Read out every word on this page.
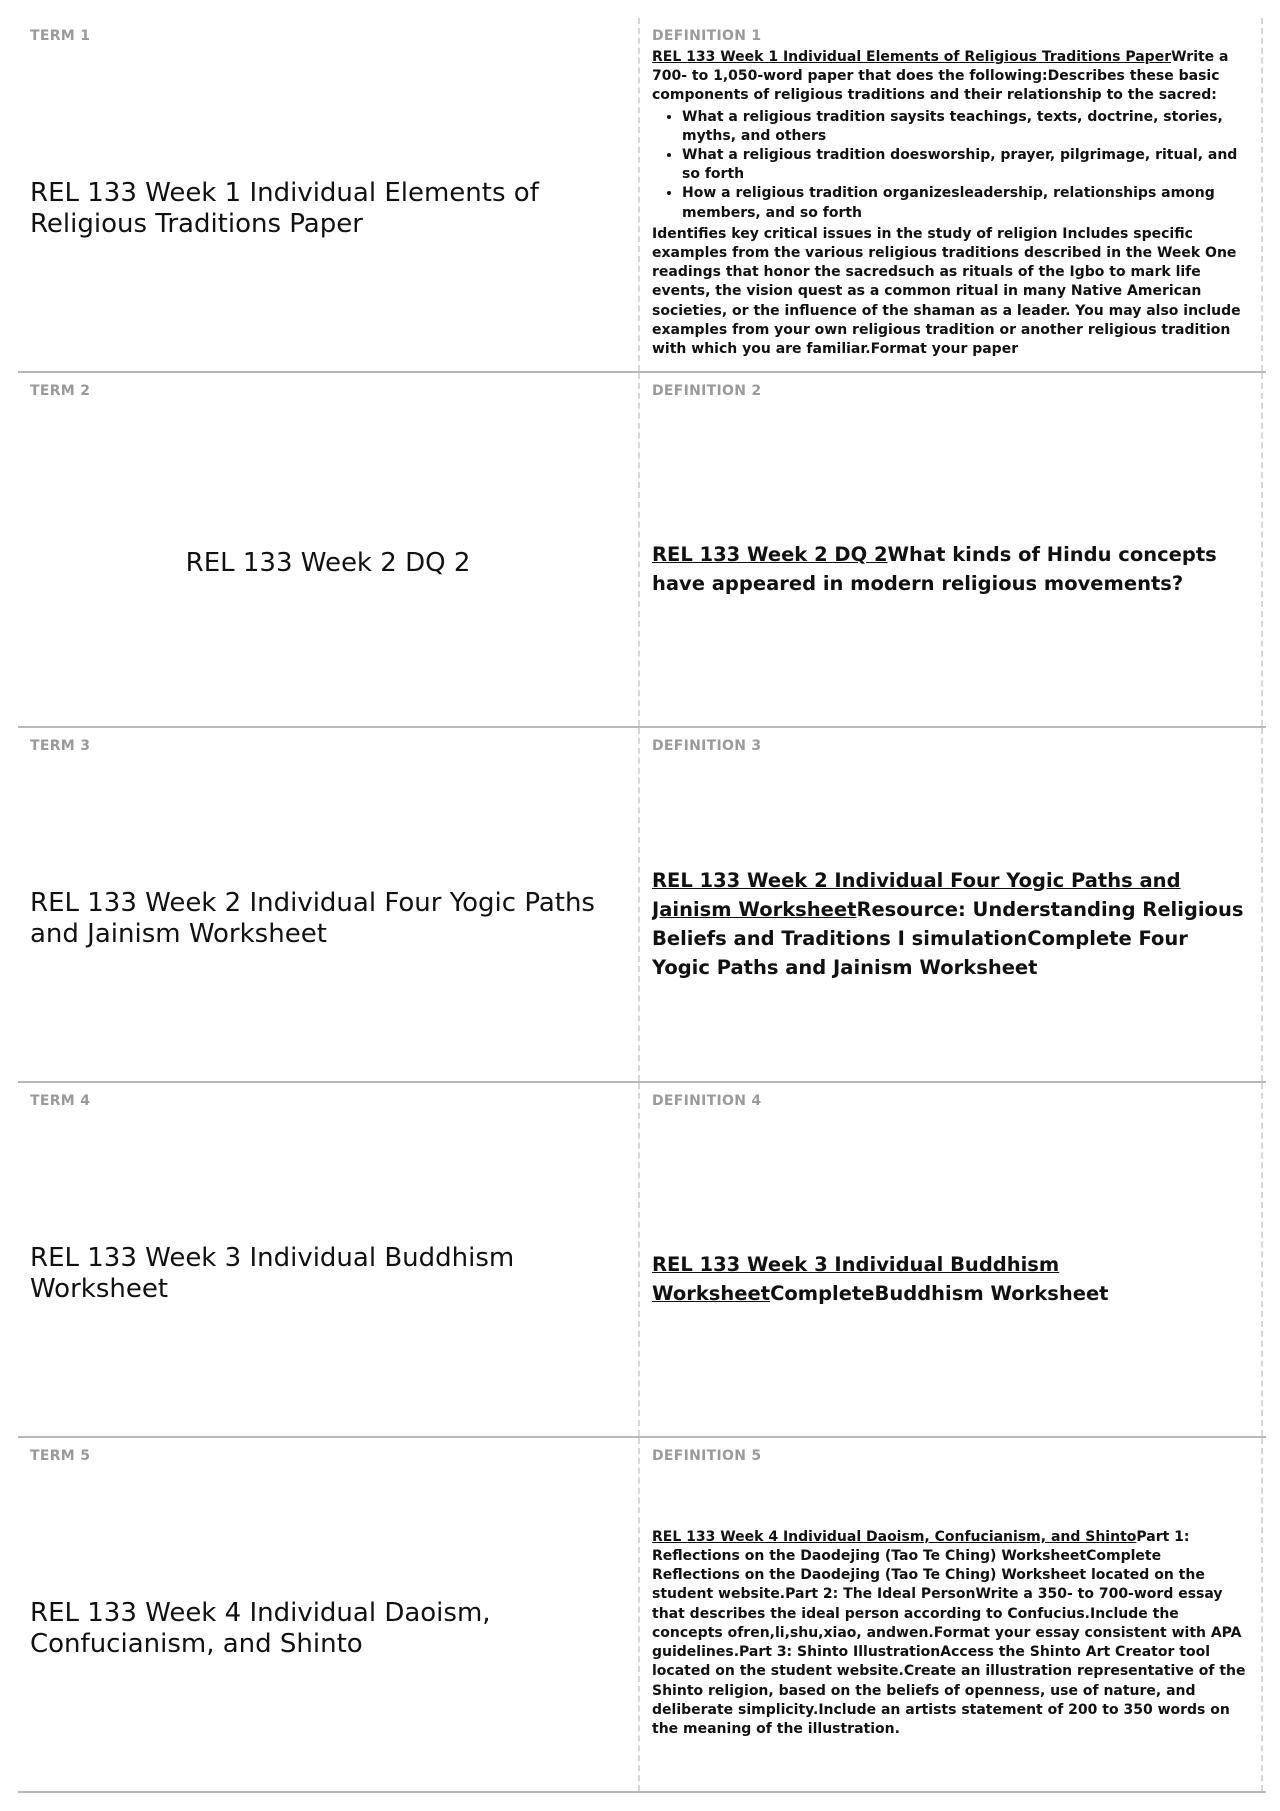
TERM 1
REL 133 Week 1 Individual Elements of Religious Traditions Paper
DEFINITION 1
REL 133 Week 1 Individual Elements of Religious Traditions PaperWrite a 700- to 1,050-word paper that does the following:Describes these basic components of religious traditions and their relationship to the sacred:
• What a religious tradition saysits teachings, texts, doctrine, stories, myths, and others
• What a religious tradition doesworship, prayer, pilgrimage, ritual, and so forth
• How a religious tradition organizesleadership, relationships among members, and so forth
Identifies key critical issues in the study of religion Includes specific examples from the various religious traditions described in the Week One readings that honor the sacredsuch as rituals of the Igbo to mark life events, the vision quest as a common ritual in many Native American societies, or the influence of the shaman as a leader. You may also include examples from your own religious tradition or another religious tradition with which you are familiar.Format your paper
TERM 2
REL 133 Week 2 DQ 2
DEFINITION 2
REL 133 Week 2 DQ 2What kinds of Hindu concepts have appeared in modern religious movements?
TERM 3
REL 133 Week 2 Individual Four Yogic Paths and Jainism Worksheet
DEFINITION 3
REL 133 Week 2 Individual Four Yogic Paths and Jainism WorksheetResource: Understanding Religious Beliefs and Traditions I simulationComplete Four Yogic Paths and Jainism Worksheet
TERM 4
REL 133 Week 3 Individual Buddhism Worksheet
DEFINITION 4
REL 133 Week 3 Individual Buddhism WorksheetCompleteBuddhism Worksheet
TERM 5
REL 133 Week 4 Individual Daoism, Confucianism, and Shinto
DEFINITION 5
REL 133 Week 4 Individual Daoism, Confucianism, and ShintoPart 1: Reflections on the Daodejing (Tao Te Ching) WorksheetComplete Reflections on the Daodejing (Tao Te Ching) Worksheet located on the student website.Part 2: The Ideal PersonWrite a 350- to 700-word essay that describes the ideal person according to Confucius.Include the concepts ofren,li,shu,xiao, andwen.Format your essay consistent with APA guidelines.Part 3: Shinto IllustrationAccess the Shinto Art Creator tool located on the student website.Create an illustration representative of the Shinto religion, based on the beliefs of openness, use of nature, and deliberate simplicity.Include an artists statement of 200 to 350 words on the meaning of the illustration.
